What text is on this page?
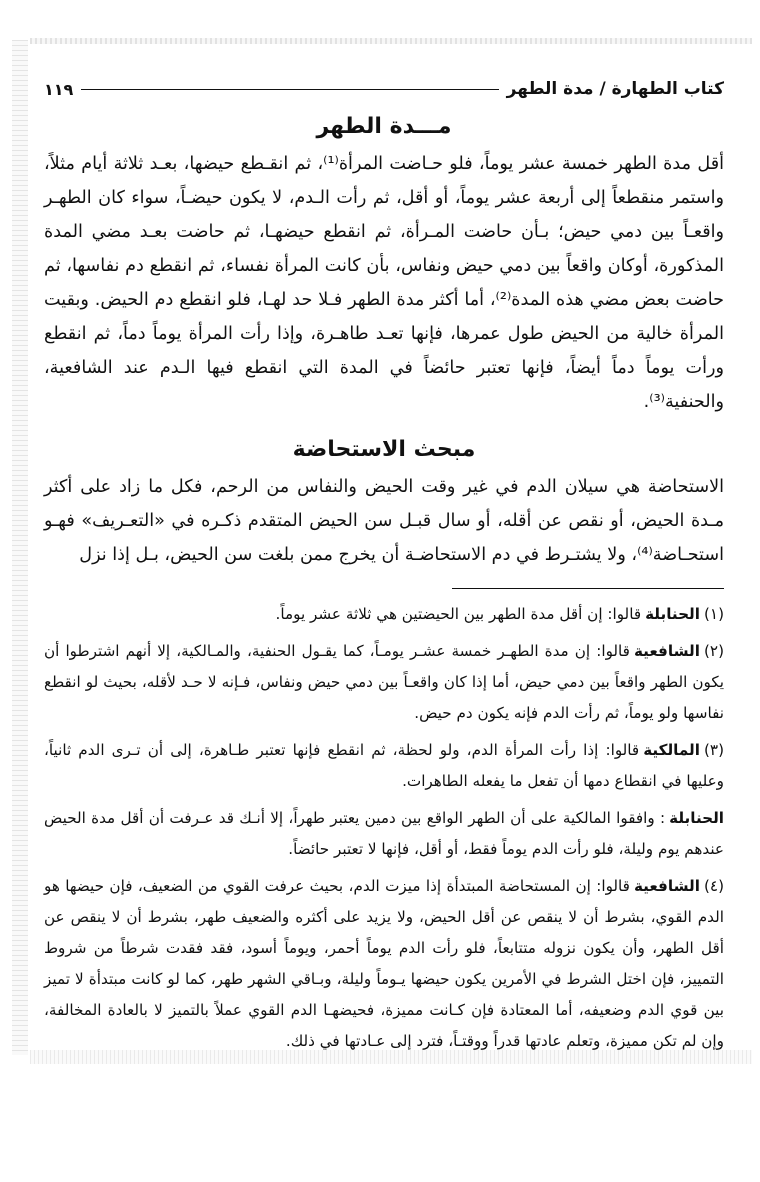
كتاب الطهارة / مدة الطهر
١١٩
مـــدة الطهر

أقل مدة الطهر خمسة عشر يوماً، فلو حـاضت المرأة⁽¹⁾، ثم انقـطع حيضها، بعـد ثلاثة أيام مثلاً، واستمر منقطعاً إلى أربعة عشر يوماً، أو أقل، ثم رأت الـدم، لا يكون حيضـاً، سواء كان الطهـر واقعـاً بين دمي حيض؛ بـأن حاضت المـرأة، ثم انقطع حيضهـا، ثم حاضت بعـد مضي المدة المذكورة، أوكان واقعاً بين دمي حيض ونفاس، بأن كانت المرأة نفساء، ثم انقطع دم نفاسها، ثم حاضت بعض مضي هذه المدة⁽²⁾، أما أكثر مدة الطهر فـلا حد لهـا، فلو انقطع دم الحيض. وبقيت المرأة خالية من الحيض طول عمرها، فإنها تعـد طاهـرة، وإذا رأت المرأة يوماً دماً، ثم انقطع ورأت يوماً دماً أيضاً، فإنها تعتبر حائضاً في المدة التي انقطع فيها الـدم عند الشافعية، والحنفية⁽³⁾.

مبحث الاستحاضة

الاستحاضة هي سيلان الدم في غير وقت الحيض والنفاس من الرحم، فكل ما زاد على أكثر مـدة الحيض، أو نقص عن أقله، أو سال قبـل سن الحيض المتقدم ذكـره في «التعـريف» فهـو استحـاضة⁽⁴⁾، ولا يشتـرط في دم الاستحاضـة أن يخرج ممن بلغت سن الحيض، بـل إذا نزل

(١)الحنابلةقالوا: إن أقل مدة الطهر بين الحيضتين هي ثلاثة عشر يوماً.

(٢)الشافعيةقالوا: إن مدة الطهـر خمسة عشـر يومـاً، كما يقـول الحنفية، والمـالكية، إلا أنهم اشترطوا أن يكون الطهر واقعاً بين دمي حيض، أما إذا كان واقعـاً بين دمي حيض ونفاس، فـإنه لا حـد لأقله، بحيث لو انقطع نفاسها ولو يوماً، ثم رأت الدم فإنه يكون دم حيض.

(٣)المالكيةقالوا: إذا رأت المرأة الدم، ولو لحظة، ثم انقطع فإنها تعتبر طـاهرة، إلى أن تـرى الدم ثانياً، وعليها في انقطاع دمها أن تفعل ما يفعله الطاهرات.

الحنابلة: وافقوا المالكية على أن الطهر الواقع بين دمين يعتبر طهراً، إلا أنـك قد عـرفت أن أقل مدة الحيض عندهم يوم وليلة، فلو رأت الدم يوماً فقط، أو أقل، فإنها لا تعتبر حائضاً.

(٤)الشافعيةقالوا: إن المستحاضة المبتدأة إذا ميزت الدم، بحيث عرفت القوي من الضعيف، فإن حيضها هو الدم القوي، بشرط أن لا ينقص عن أقل الحيض، ولا يزيد على أكثره والضعيف طهر، بشرط أن لا ينقص عن أقل الطهر، وأن يكون نزوله متتابعاً، فلو رأت الدم يوماً أحمر، ويوماً أسود، فقد فقدت شرطاً من شروط التمييز، فإن اختل الشرط في الأمرين يكون حيضها يـوماً وليلة، وبـاقي الشهر طهر، كما لو كانت مبتدأة لا تميز بين قوي الدم وضعيفه، أما المعتادة فإن كـانت مميزة، فحيضهـا الدم القوي عملاً بالتميز لا بالعادة المخالفة، وإن لم تكن مميزة، وتعلم عادتها قدراً ووقتـاً، فترد إلى عـادتها في ذلك.
